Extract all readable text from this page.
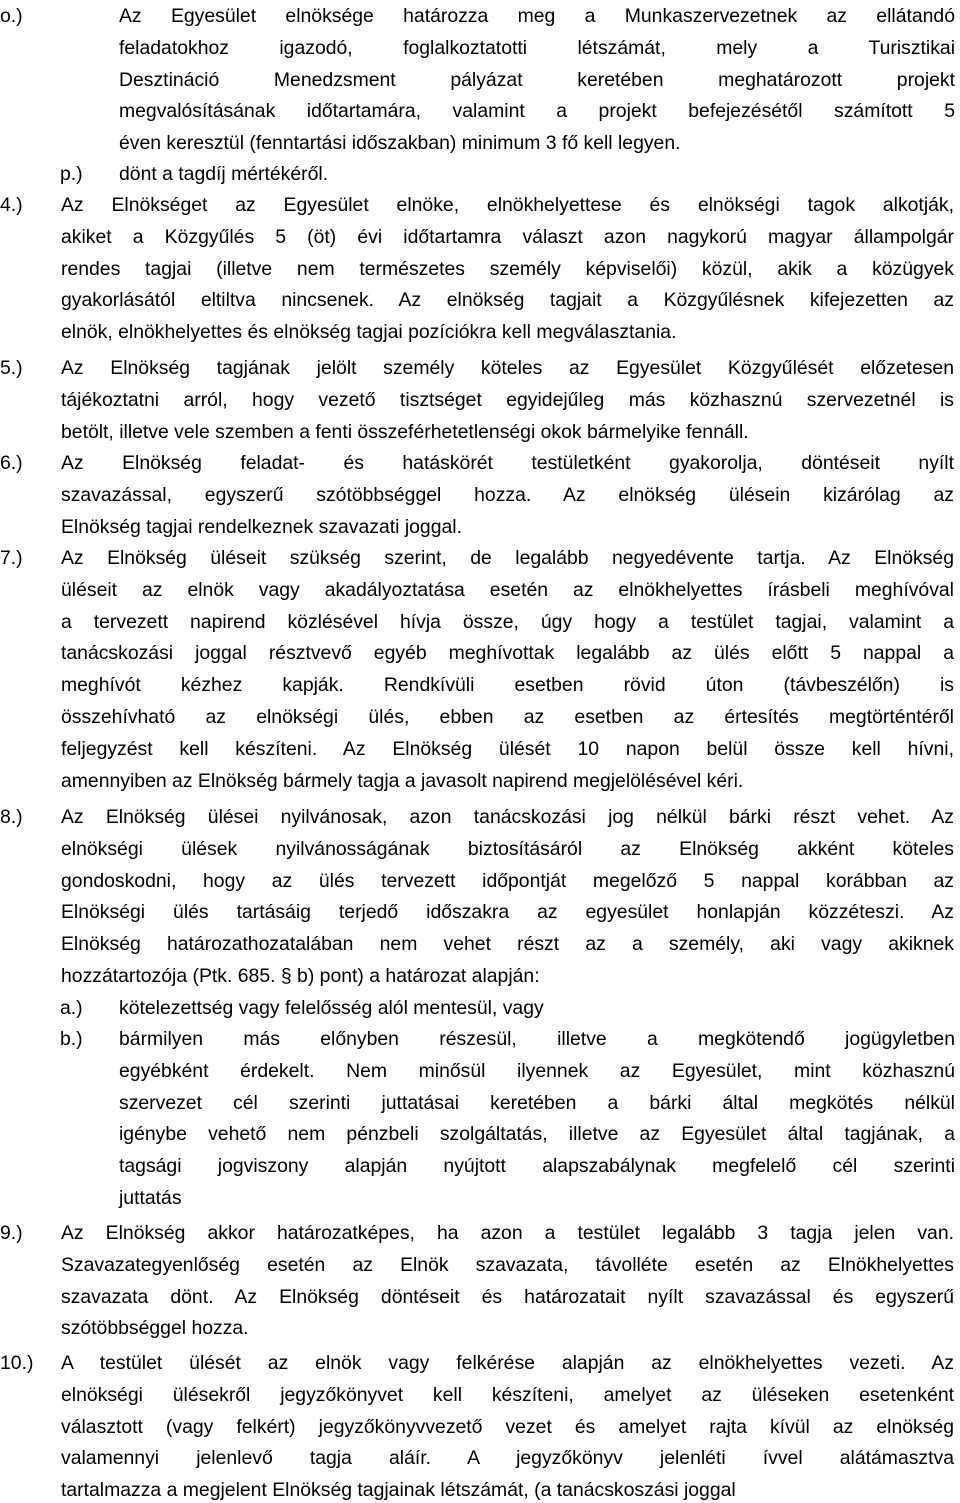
o.)	Az Egyesület elnöksége határozza meg a Munkaszervezetnek az ellátandó
feladatokhoz igazodó, foglalkoztatotti létszámát, mely a Turisztikai
Desztináció Menedzsment pályázat keretében meghatározott projekt
megvalósításának időtartamára, valamint a projekt befejezésétől számított 5
éven keresztül (fenntartási időszakban) minimum 3 fő kell legyen.
p.) dönt a tagdíj mértékéről.
4.) Az Elnökséget az Egyesület elnöke, elnökhelyettese és elnökségi tagok alkotják,
akiket a Közgyűlés 5 (öt) évi időtartamra választ azon nagykorú magyar állampolgár
rendes tagjai (illetve nem természetes személy képviselői) közül, akik a közügyek
gyakorlásától eltiltva nincsenek. Az elnökség tagjait a Közgyűlésnek kifejezetten az
elnök, elnökhelyettes és elnökség tagjai pozíciókra kell megválasztania.
5.) Az Elnökség tagjának jelölt személy köteles az Egyesület Közgyűlését előzetesen
tájékoztatni arról, hogy vezető tisztséget egyidejűleg más közhasznú szervezetnél is
betölt, illetve vele szemben a fenti összeférhetetlenségi okok bármelyike fennáll.
6.) Az Elnökség feladat- és hatáskörét testületként gyakorolja, döntéseit nyílt
szavazással, egyszerű szótöbbséggel hozza. Az elnökség ülésein kizárólag az
Elnökség tagjai rendelkeznek szavazati joggal.
7.) Az Elnökség üléseit szükség szerint, de legalább negyedévente tartja. Az Elnökség
üléseit az elnök vagy akadályoztatása esetén az elnökhelyettes írásbeli meghívóval
a tervezett napirend közlésével hívja össze, úgy hogy a testület tagjai, valamint a
tanácskozási joggal résztvevő egyéb meghívottak legalább az ülés előtt 5 nappal a
meghívót kézhez kapják. Rendkívüli esetben rövid úton (távbeszélőn) is
összehívható az elnökségi ülés, ebben az esetben az értesítés megtörténtéről
feljegyzést kell készíteni. Az Elnökség ülését 10 napon belül össze kell hívni,
amennyiben az Elnökség bármely tagja a javasolt napirend megjelölésével kéri.
8.) Az Elnökség ülései nyilvánosak, azon tanácskozási jog nélkül bárki részt vehet. Az
elnökségi ülések nyilvánosságának biztosításáról az Elnökség akként köteles
gondoskodni, hogy az ülés tervezett időpontját megelőző 5 nappal korábban az
Elnökségi ülés tartásáig terjedő időszakra az egyesület honlapján közzéteszi. Az
Elnökség határozathozatalában nem vehet részt az a személy, aki vagy akiknek
hozzátartozója (Ptk. 685. § b) pont) a határozat alapján:
a.) kötelezettség vagy felelősség alól mentesül, vagy
b.) bármilyen más előnyben részesül, illetve a megkötendő jogügyletben
egyébként érdekelt. Nem minősül ilyennek az Egyesület, mint közhasznú
szervezet cél szerinti juttatásai keretében a bárki által megkötés nélkül
igénybe vehető nem pénzbeli szolgáltatás, illetve az Egyesület által tagjának, a
tagsági jogviszony alapján nyújtott alapszabálynak megfelelő cél szerinti
juttatás
9.) Az Elnökség akkor határozatképes, ha azon a testület legalább 3 tagja jelen van.
Szavazategyenlőség esetén az Elnök szavazata, távolléte esetén az Elnökhelyettes
szavazata dönt. Az Elnökség döntéseit és határozatait nyílt szavazással és egyszerű
szótöbbséggel hozza.
10.) A testület ülését az elnök vagy felkérése alapján az elnökhelyettes vezeti. Az
elnökségi ülésekről jegyzőkönyvet kell készíteni, amelyet az üléseken esetenként
választott (vagy felkért) jegyzőkönyvvezető vezet és amelyet rajta kívül az elnökség
valamennyi jelenlevő tagja aláír. A jegyzőkönyv jelenléti ívvel alátámasztva
tartalmazza a megjelent Elnökség tagjainak létszámát, (a tanácskoszási joggal
